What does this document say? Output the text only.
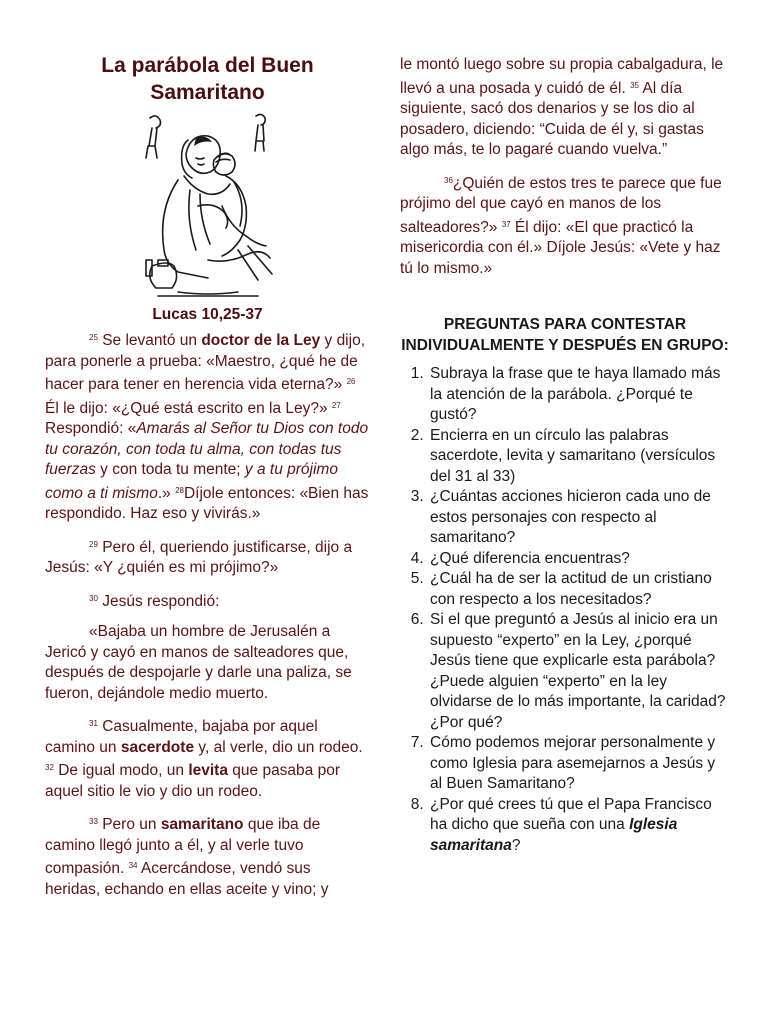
La parábola del Buen Samaritano
Lucas 10,25-37

$^{25}$ Se levantó un doctor de la Ley y dijo, para ponerle a prueba: «Maestro, ¿qué he de hacer para tener en herencia vida eterna?» $^{26}$ Él le dijo: «¿Qué está escrito en la Ley?» $^{27}$ Respondió: «Amarás al Señor tu Dios con todo tu corazón, con toda tu alma, con todas tus fuerzas y con toda tu mente; y a tu prójimo como a ti mismo.» $^{28}$Díjole entonces: «Bien has respondido. Haz eso y vivirás.»

$^{29}$ Pero él, queriendo justificarse, dijo a Jesús: «Y ¿quién es mi prójimo?»

$^{30}$ Jesús respondió:

«Bajaba un hombre de Jerusalén a Jericó y cayó en manos de salteadores que, después de despojarle y darle una paliza, se fueron, dejándole medio muerto.

$^{31}$ Casualmente, bajaba por aquel camino un sacerdote y, al verle, dio un rodeo. $^{32}$ De igual modo, un levita que pasaba por aquel sitio le vio y dio un rodeo.

$^{33}$ Pero un samaritano que iba de camino llegó junto a él, y al verle tuvo compasión. $^{34}$ Acercándose, vendó sus heridas, echando en ellas aceite y vino; y

le montó luego sobre su propia cabalgadura, le llevó a una posada y cuidó de él. $^{35}$ Al día siguiente, sacó dos denarios y se los dio al posadero, diciendo: “Cuida de él y, si gastas algo más, te lo pagaré cuando vuelva.”

$^{36}$¿Quién de estos tres te parece que fue prójimo del que cayó en manos de los salteadores?» $^{37}$ Él dijo: «El que practicó la misericordia con él.» Díjole Jesús: «Vete y haz tú lo mismo.»

PREGUNTAS PARA CONTESTAR INDIVIDUALMENTE Y DESPUÉS EN GRUPO:
1. Subraya la frase que te haya llamado más la atención de la parábola. ¿Porqué te gustó?
2. Encierra en un círculo las palabras sacerdote, levita y samaritano (versículos del 31 al 33)
3. ¿Cuántas acciones hicieron cada uno de estos personajes con respecto al samaritano?
4. ¿Qué diferencia encuentras?
5. ¿Cuál ha de ser la actitud de un cristiano con respecto a los necesitados?
6. Si el que preguntó a Jesús al inicio era un supuesto “experto” en la Ley, ¿porqué Jesús tiene que explicarle esta parábola? ¿Puede alguien “experto” en la ley olvidarse de lo más importante, la caridad? ¿Por qué?
7. Cómo podemos mejorar personalmente y como Iglesia para asemejarnos a Jesús y al Buen Samaritano?
8. ¿Por qué crees tú que el Papa Francisco ha dicho que sueña con una Iglesia samaritana?
